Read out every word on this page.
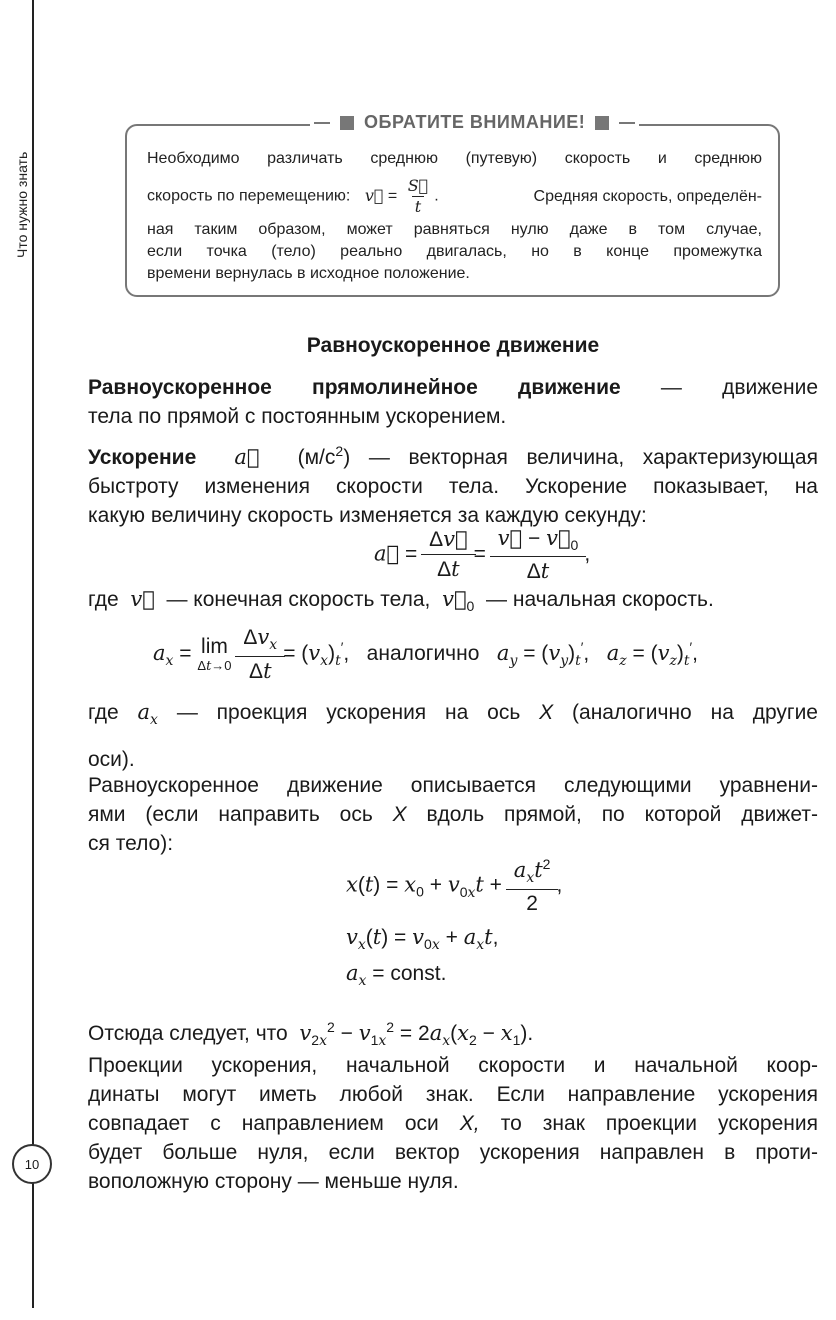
Что нужно знать
10
ОБРАТИТЕ ВНИМАНИЕ!
Необходимо различать среднюю (путевую) скорость и среднюю
скорость по перемещению: v⃗ = $\frac{S⃗}{t}$ .	Средняя скорость, определён-
ная таким образом, может равняться нулю даже в том случае,
если точка (тело) реально двигалась, но в конце промежутка
времени вернулась в исходное положение.
Равноускоренное движение
Равноускоренное прямолинейное движение — движение
тела по прямой с постоянным ускорением.
Ускорение  a⃗  $(м/с^2)$ — векторная величина, характеризующая
быстроту изменения скорости тела. Ускорение показывает, на
какую величину скорость изменяется за каждую секунду:
a⃗ = $\frac{\Delta v⃗}{\Delta t} = \frac{v⃗ - v⃗_0}{\Delta t}$ ,
где v⃗ — конечная скорость тела, $v⃗_0$ — начальная скорость.
$a_x = \lim$
Δt→0
$\frac{\Delta v_x}{\Delta t} = (v_x)_t'$,   аналогично $a_y = (v_y)_t'$,   $a_z = (v_z)_t'$,
где $a_x$ — проекция ускорения на ось X (аналогично на другие
оси).
Равноускоренное движение описывается следующими уравнени-
ями (если направить ось X вдоль прямой, по которой движет-
ся тело):
$x(t) = x_0 + v_{0x}t + \frac{a_xt^2}{2}$ ,
$v_x(t) = v_{0x} + a_xt$,
$a_x$ = const.
Отсюда следует, что $v_{2x}^2 - v_{1x}^2 = 2a_x(x_2 - x_1)$.
Проекции ускорения, начальной скорости и начальной коор-
динаты могут иметь любой знак. Если направление ускорения
совпадает с направлением оси X, то знак проекции ускорения
будет больше нуля, если вектор ускорения направлен в проти-
воположную сторону — меньше нуля.
